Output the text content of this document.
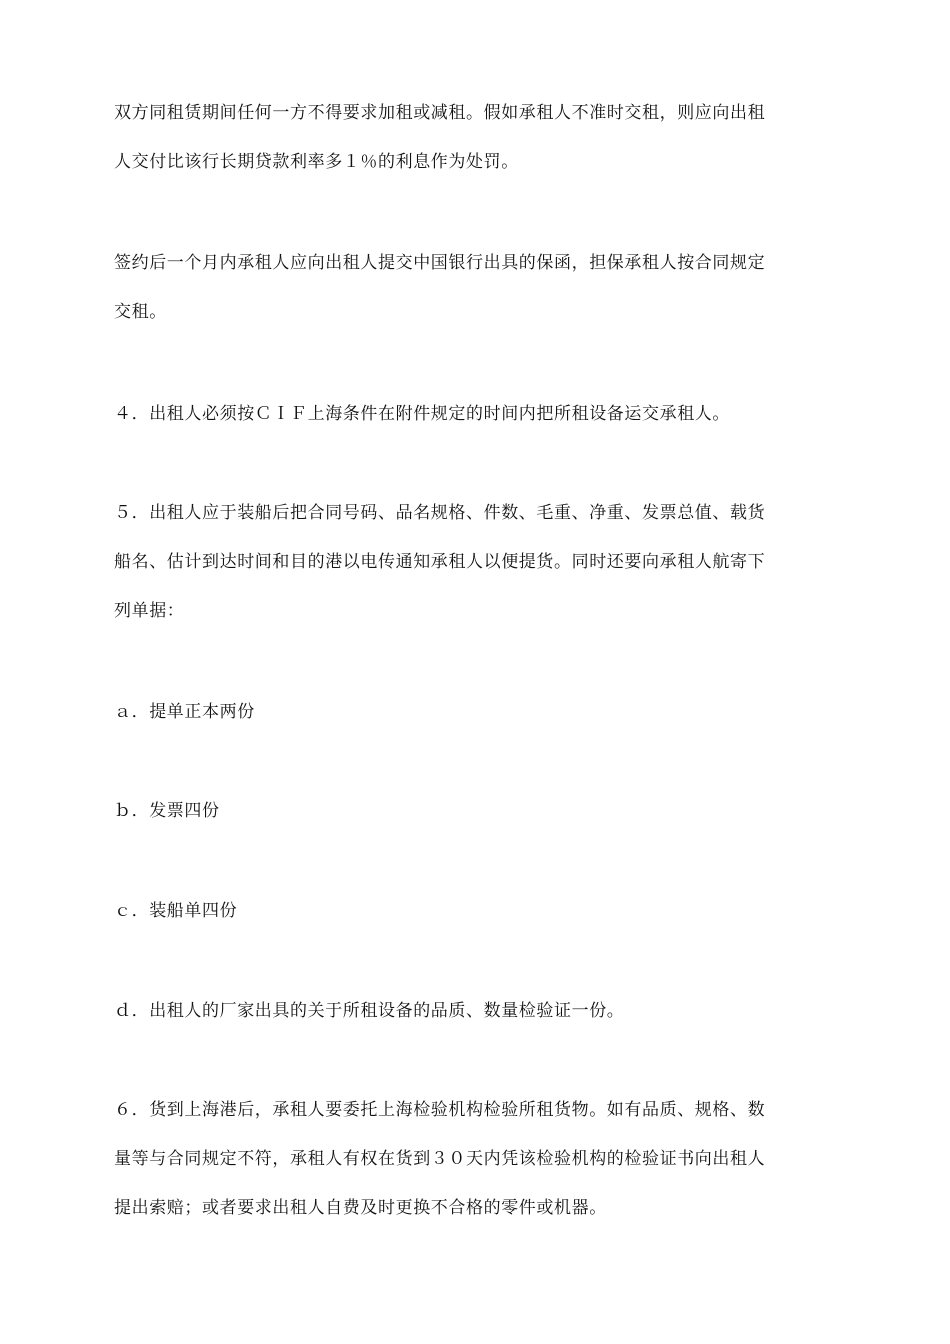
双方同租赁期间任何一方不得要求加租或减租。假如承租人不准时交租，则应向出租
人交付比该行长期贷款利率多１％的利息作为处罚。

签约后一个月内承租人应向出租人提交中国银行出具的保函，担保承租人按合同规定
交租。

４．出租人必须按ＣＩＦ上海条件在附件规定的时间内把所租设备运交承租人。

５．出租人应于装船后把合同号码、品名规格、件数、毛重、净重、发票总值、载货
船名、估计到达时间和目的港以电传通知承租人以便提货。同时还要向承租人航寄下
列单据：

ａ．提单正本两份

ｂ．发票四份

ｃ．装船单四份

ｄ．出租人的厂家出具的关于所租设备的品质、数量检验证一份。

６．货到上海港后，承租人要委托上海检验机构检验所租货物。如有品质、规格、数
量等与合同规定不符，承租人有权在货到３０天内凭该检验机构的检验证书向出租人
提出索赔；或者要求出租人自费及时更换不合格的零件或机器。
